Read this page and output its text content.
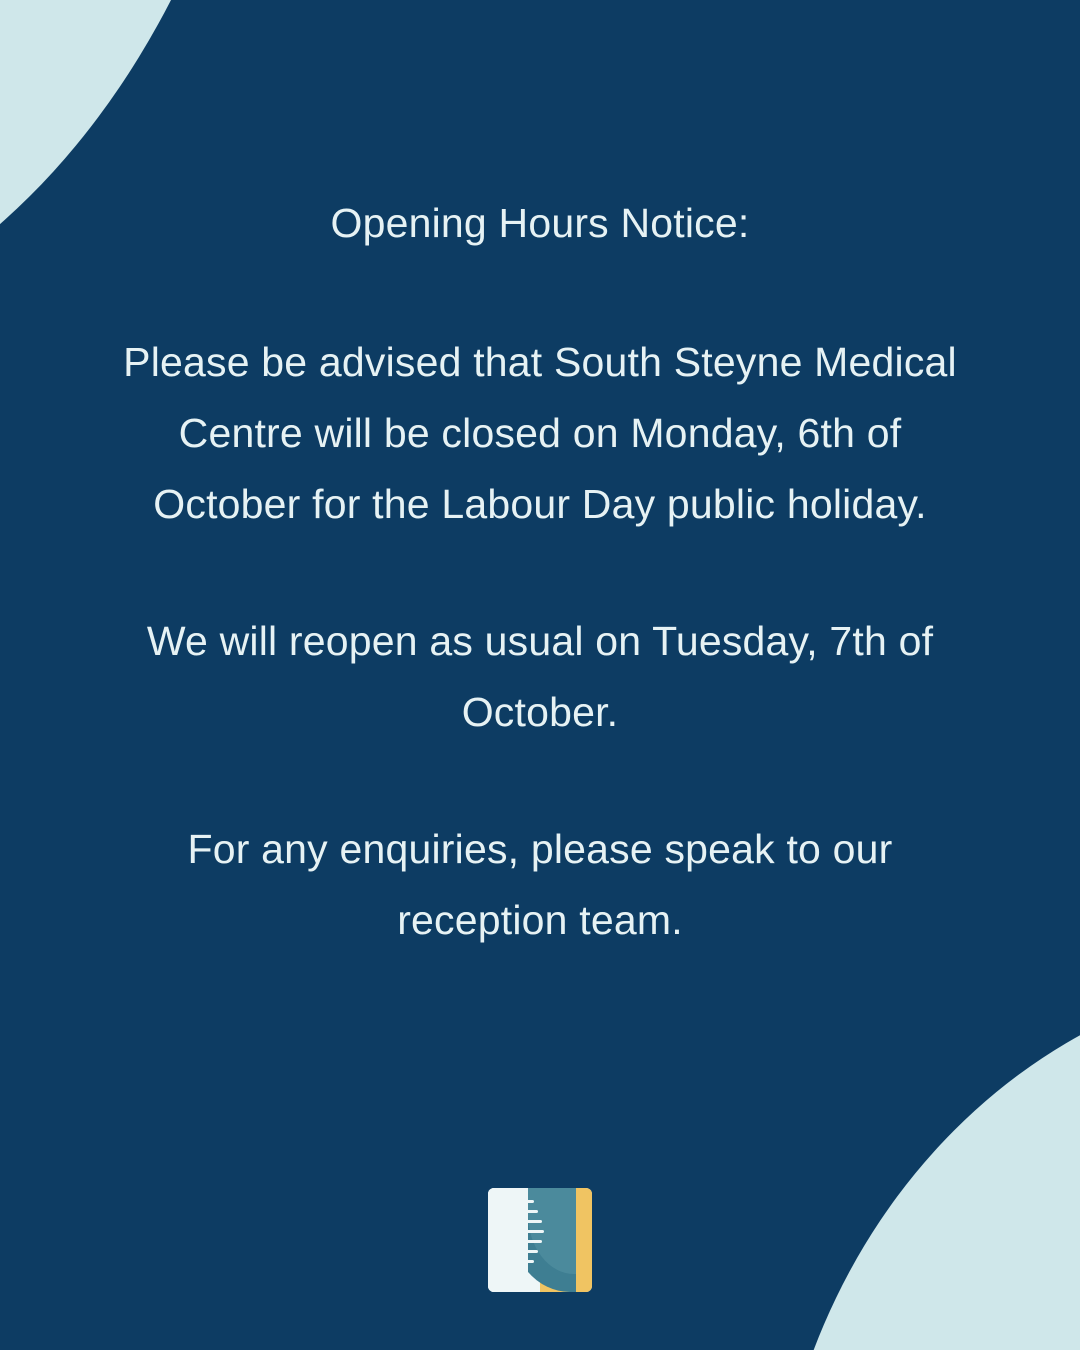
Opening Hours Notice:
Please be advised that South Steyne Medical Centre will be closed on Monday, 6th of October for the Labour Day public holiday.
We will reopen as usual on Tuesday, 7th of October.
For any enquiries, please speak to our reception team.
